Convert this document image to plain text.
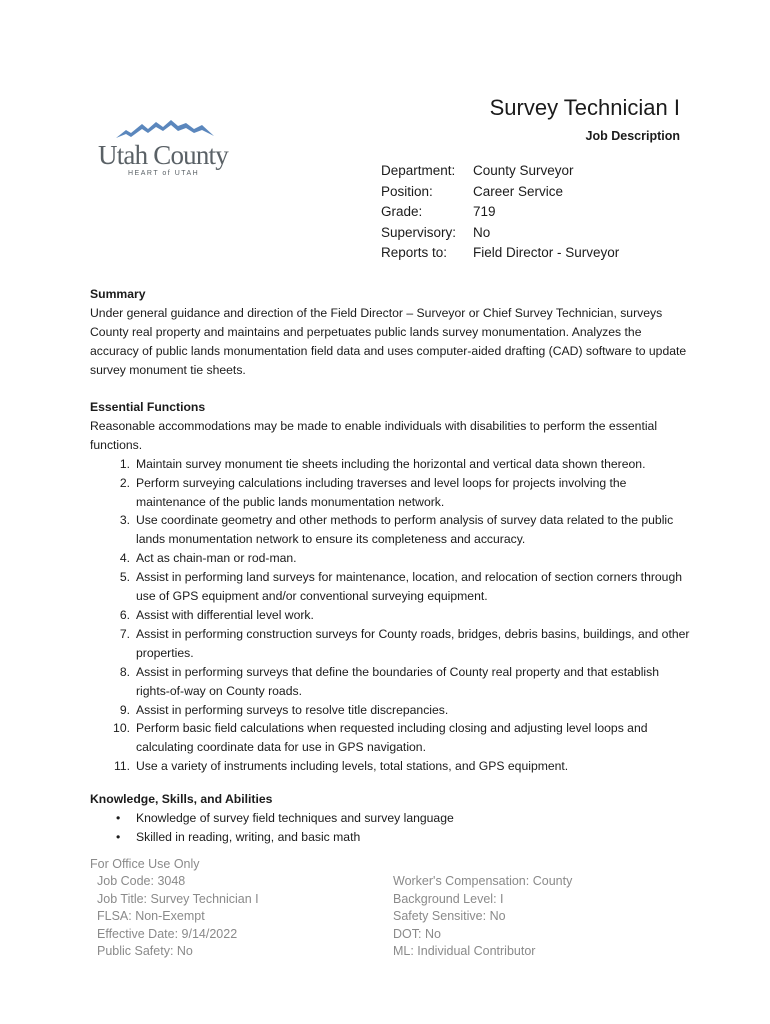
Utah County
HEART of UTAH
Survey Technician I
Job Description
Department:	County Surveyor
Position:	Career Service
Grade:	719
Supervisory:	No
Reports to:	Field Director - Surveyor
Summary

Under general guidance and direction of the Field Director – Surveyor or Chief Survey Technician, surveys County real property and maintains and perpetuates public lands survey monumentation. Analyzes the accuracy of public lands monumentation field data and uses computer-aided drafting (CAD) software to update survey monument tie sheets.

Essential Functions

Reasonable accommodations may be made to enable individuals with disabilities to perform the essential functions.

1. Maintain survey monument tie sheets including the horizontal and vertical data shown thereon.
2. Perform surveying calculations including traverses and level loops for projects involving the maintenance of the public lands monumentation network.
3. Use coordinate geometry and other methods to perform analysis of survey data related to the public lands monumentation network to ensure its completeness and accuracy.
4. Act as chain-man or rod-man.
5. Assist in performing land surveys for maintenance, location, and relocation of section corners through use of GPS equipment and/or conventional surveying equipment.
6. Assist with differential level work.
7. Assist in performing construction surveys for County roads, bridges, debris basins, buildings, and other properties.
8. Assist in performing surveys that define the boundaries of County real property and that establish rights-of-way on County roads.
9. Assist in performing surveys to resolve title discrepancies.
10. Perform basic field calculations when requested including closing and adjusting level loops and calculating coordinate data for use in GPS navigation.
11. Use a variety of instruments including levels, total stations, and GPS equipment.
Knowledge, Skills, and Abilities
• Knowledge of survey field techniques and survey language
• Skilled in reading, writing, and basic math
For Office Use Only
Job Code: 3048
Job Title: Survey Technician I
FLSA: Non-Exempt
Effective Date: 9/14/2022
Public Safety: No
Worker's Compensation: County
Background Level: I
Safety Sensitive: No
DOT: No
ML: Individual Contributor
